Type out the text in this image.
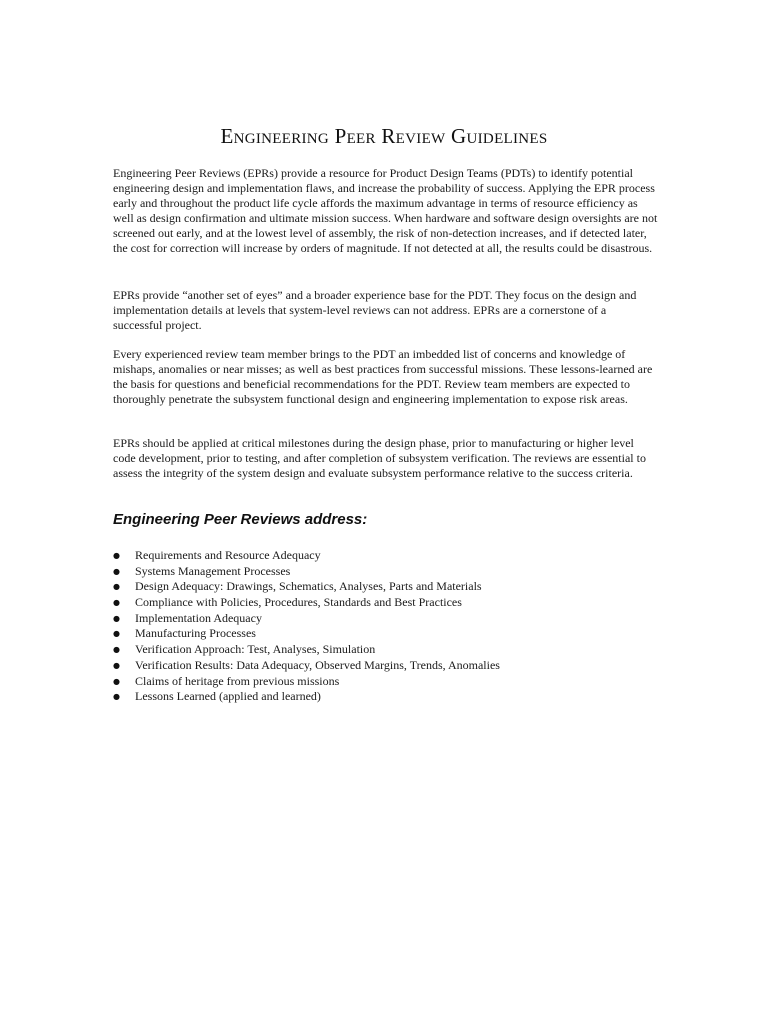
Engineering Peer Review Guidelines

Engineering Peer Reviews (EPRs) provide a resource for Product Design Teams (PDTs) to identify potential engineering design and implementation flaws, and increase the probability of success. Applying the EPR process early and throughout the product life cycle affords the maximum advantage in terms of resource efficiency as well as design confirmation and ultimate mission success. When hardware and software design oversights are not screened out early, and at the lowest level of assembly, the risk of non-detection increases, and if detected later, the cost for correction will increase by orders of magnitude. If not detected at all, the results could be disastrous.

EPRs provide “another set of eyes” and a broader experience base for the PDT. They focus on the design and implementation details at levels that system-level reviews can not address. EPRs are a cornerstone of a successful project.

Every experienced review team member brings to the PDT an imbedded list of concerns and knowledge of mishaps, anomalies or near misses; as well as best practices from successful missions. These lessons-learned are the basis for questions and beneficial recommendations for the PDT. Review team members are expected to thoroughly penetrate the subsystem functional design and engineering implementation to expose risk areas.

EPRs should be applied at critical milestones during the design phase, prior to manufacturing or higher level code development, prior to testing, and after completion of subsystem verification. The reviews are essential to assess the integrity of the system design and evaluate subsystem performance relative to the success criteria.

Engineering Peer Reviews address:
● Requirements and Resource Adequacy
● Systems Management Processes
● Design Adequacy: Drawings, Schematics, Analyses, Parts and Materials
● Compliance with Policies, Procedures, Standards and Best Practices
● Implementation Adequacy
● Manufacturing Processes
● Verification Approach: Test, Analyses, Simulation
● Verification Results: Data Adequacy, Observed Margins, Trends, Anomalies
● Claims of heritage from previous missions
● Lessons Learned (applied and learned)
